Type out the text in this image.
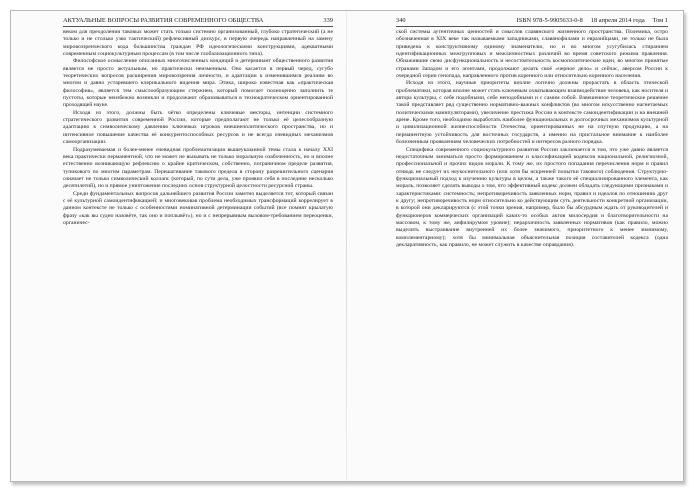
АКТУАЛЬНЫЕ ВОПРОСЫ РАЗВИТИЯ СОВРЕМЕННОГО ОБЩЕСТВА	339

веком для преодоления таковых может стать только системно организованный, глубоко стратегический (а не только и не столько узко тактический) рефлексивный дискурс, в первую очередь направленный на замену мировоззренческого кода большинства граждан РФ идеологическими конструкциями, адекватными современным социокультурным процессам (в том числе глобализационного типа).

Философское осмысление описанных многочисленных кондиций и детерминант общественного развития является не просто актуальным, но практически неизменным. Оно касается в первый черед, сугубо теоретических вопросов расширения мировоззрения личности, и адаптации к изменившимся реалиям во многом и давно устаревшего клерикального видения мира. Этика, широко известная как «практическая философия», является тем смыслообразующим стержнем, который помогает полноценно заполнить те пустоты, которые неизбежно возникли и продолжают образовываться в технократическом ориентированной проходящей науке.

Исходя из этого, должны быть чётко определены ключевые векторы, интенции системного стратегического развития современной России, которые предполагают не только её целесообразную адаптацию к символическому давлению ключевых игроков внешнеполитического пространства, но и интенсивное повышение качества её конкурентоспособных ресурсов и не всегда очевидных механизмов самоорганизации.

Подразумеваемая и более-менее очевидная проблематизация вышеуказанной темы стала к началу XXI века практически перманентной, что не может не вызывать не только моральную озабоченность, но и вполне естественно возникающую рефлексию о крайне критическом, собственно, пограничном пределе развития, тупикового по многим параметрам. Перешагивание такового предела в сторону разрешительного сценария означает не только символический коллапс (который, по сути дела, уже проявил себя в последние несколько десятилетий), но и прямое уничтожение последних основ структурной целостности ресурсной страны.

Среди фундаментальных вопросов дальнейшего развития России заметно выделяется тот, который связан с её культурной самоидентификацией; и многовековая проблема необходимых трансформаций коррелирует в данном контексте не только с особенностями номинативной детерминации событий (все помнят крылатую фразу «как вы судно назовёте, так оно и поплывёт»), но и с непрерывным вызовом-требованием переоценки, органичес-

340	ISBN 978-5-9905633-0-8 18 апреля 2014 года Том 1

ской системы аутентичных ценностей и смыслов славянского жизненного пространства. Полемика, остро обозначенная в XIX веке так называемыми западниками, славянофилами и евразийцами, не только не была приведена к конструктивному единому знаменателю, но и во многом усугубилась стиранием идентификационных межгрупповых и межличностных различий во время советского режима правления. Обнажившие свою дисфункциональность и несостоятельность космополитические идеи, во многом принятые странами Западом и его агентами, продолжают делать своё «черное дело» и сейчас, аверсом России к очередной серии генопада, направленного против коренного или относительно коренного населения.

Исходя из этого, научные приоритеты вполне логично должны прорастать в область этической проблематики, которая вполне может стать ключевым охватывающим взаимодействие человека, как носителя и автора культуры, с себе подобными, себе неподобными и с самим собой. Взвешенное теоретическое решение такой представляет ряд существенно нормативно-важных конфликтов (во многом искусственно нагнетаемых политическими манипуляторами), увеличение престижа России в контексте самоидентификации и на внешней арене. Кроме того, необходимо выработать наиболее функциональных и долгосрочных механизмов культурной и цивилизационной жизнеспособности Отечества, ориентированных не на спутную продукцию, а на перманентную устойчивость для восточных государств, а именно на пристальное внимание к наиболее болезненным проявлениям человеческих потребностей и интересов разного порядка.

Специфика современного социокультурного развития России заключается в том, что уже давно является недостаточным заниматься просто формированием и классификацией кодексов национальной, религиозной, профессиональной и прочих видов морали. К тому же, их простого попадания перечисления норм и правил отнюдь не следует их неукоснительного (или хотя бы искренней попытки такового) соблюдения. Структурно-функциональный подход к изучению культуры в целом, а также такого её специализированного элемента, как мораль, позволяет сделать выводы о том, что эффективный кодекс должен обладать следующими признаками и характеристиками: системность; непротиворечивость заявленных норм, правил и идеалов по отношению друг к другу; непротиворечивость норм относительно ко действующим суть деятельности конкретной организации, в которой они декларируются (с этой точки зрения, например, было бы абсурдным ждать от руководителей и функционеров коммерческих организаций каких-то особых актов милосердия и благотворительности на массовом, к тому же, анфилирумом уровне); иерархичность заявленных нормативов (как правило, можно выделить выстраивание внутренней их более значимого, приоритетного к менее значимому, комплементарному); хотя бы минимальная объяснительная позиция составителей кодекса (одна декларативность, как правило, не может служить в качестве оправдания).
